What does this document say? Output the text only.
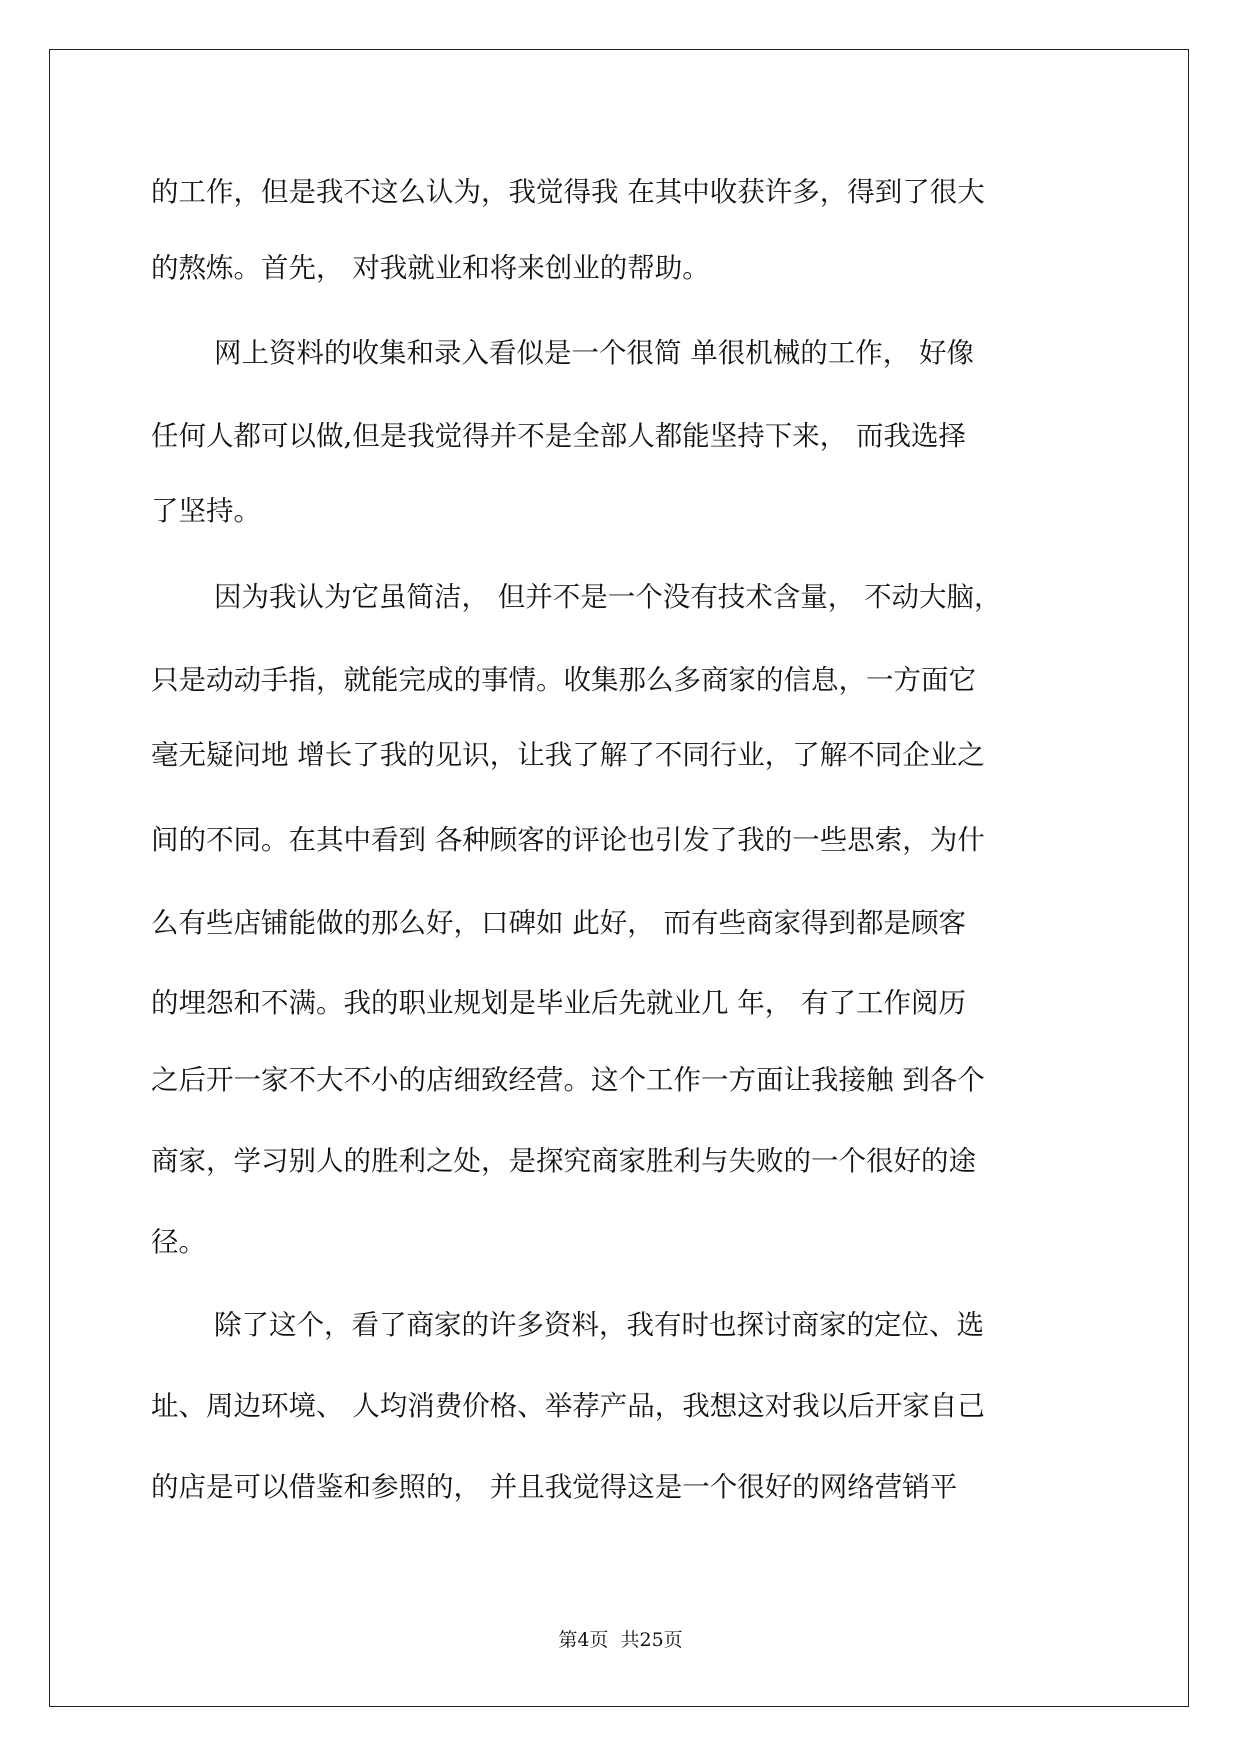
的工作，但是我不这么认为，我觉得我 在其中收获许多，得到了很大

的熬炼。首先， 对我就业和将来创业的帮助。

网上资料的收集和录入看似是一个很简 单很机械的工作， 好像

任何人都可以做,但是我觉得并不是全部人都能坚持下来， 而我选择

了坚持。

因为我认为它虽简洁， 但并不是一个没有技术含量， 不动大脑，

只是动动手指，就能完成的事情。收集那么多商家的信息，一方面它

毫无疑问地 增长了我的见识，让我了解了不同行业，了解不同企业之

间的不同。在其中看到 各种顾客的评论也引发了我的一些思索，为什

么有些店铺能做的那么好，口碑如 此好， 而有些商家得到都是顾客

的埋怨和不满。我的职业规划是毕业后先就业几 年， 有了工作阅历

之后开一家不大不小的店细致经营。这个工作一方面让我接触 到各个

商家，学习别人的胜利之处，是探究商家胜利与失败的一个很好的途

径。

除了这个，看了商家的许多资料，我有时也探讨商家的定位、选

址、周边环境、 人均消费价格、举荐产品，我想这对我以后开家自己

的店是可以借鉴和参照的， 并且我觉得这是一个很好的网络营销平

第4页  共25页
